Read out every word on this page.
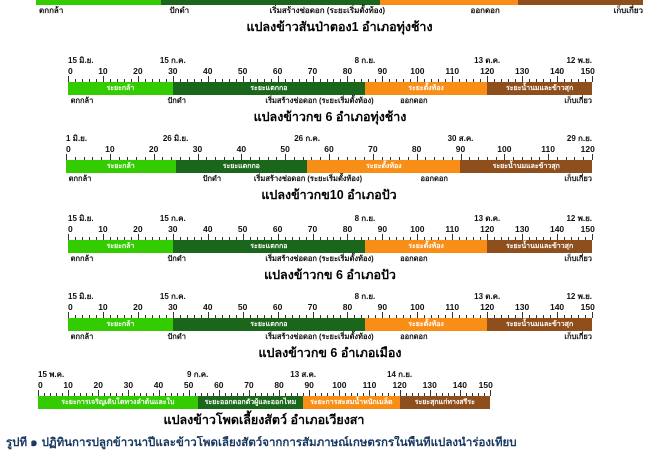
ตกกล้า	ปักดำ	เริ่มสร้างช่อดอก (ระยะเริ่มตั้งท้อง)	ออกดอก	เก็บเกี่ยว
แปลงข้าวสันป่าตอง1 อำเภอทุ่งช้าง
15 มิ.ย.	15 ก.ค.	8 ก.ย.	13 ต.ค.	12 พ.ย.
0	10	20	30	40	50	60	70	80	90	100 110 120 130 140 150
ระยะกล้า	ระยะแตกกอ	ระยะตั้งท้อง	ระยะน้ำนมและข้าวสุก
ตกกล้า	ปักดำ	เริ่มสร้างช่อดอก (ระยะเริ่มตั้งท้อง)	ออกดอก	เก็บเกี่ยว
แปลงข้าวกข 6 อำเภอทุ่งช้าง
1 มิ.ย.	26 มิ.ย.	26 ก.ค.	30 ส.ค.	29 ก.ย.
0	10	20	30	40	50	60	70	80	90	100	110	120
ระยะกล้า	ระยะแตกกอ	ระยะตั้งท้อง	ระยะน้ำนมและข้าวสุก
ตกกล้า	ปักดำ	เริ่มสร้างช่อดอก (ระยะเริ่มตั้งท้อง)	ออกดอก	เก็บเกี่ยว
แปลงข้าวกข10 อำเภอปัว
15 มิ.ย.	15 ก.ค.	8 ก.ย.	13 ต.ค.	12 พ.ย.
0	10	20	30	40	50	60	70	80	90	100 110 120 130 140 150
ระยะกล้า	ระยะแตกกอ	ระยะตั้งท้อง	ระยะน้ำนมและข้าวสุก
ตกกล้า	ปักดำ	เริ่มสร้างช่อดอก (ระยะเริ่มตั้งท้อง)	ออกดอก	เก็บเกี่ยว
แปลงข้าวกข 6 อำเภอปัว
15 มิ.ย.	15 ก.ค.	8 ก.ย.	13 ต.ค.	12 พ.ย.
0	10	20	30	40	50	60	70	80	90	100 110 120 130 140 150
ระยะกล้า	ระยะแตกกอ	ระยะตั้งท้อง	ระยะน้ำนมและข้าวสุก
ตกกล้า	ปักดำ	เริ่มสร้างช่อดอก (ระยะเริ่มตั้งท้อง)	ออกดอก	เก็บเกี่ยว
แปลงข้าวกข 6 อำเภอเมือง
15 พ.ค.	9 ก.ค.	13 ส.ค.	14 ก.ย.
0 10 20 30 40 50 60 70 80 90 100 110 120 130 140 150
ระยะการเจริญเติบโตทางลำต้นและใบ	ระยะออกดอกตัวผู้และออกไหม	ระยะการสะสมน้ำหนักเมล็ด	ระยะสุกแก่ทางสรีระ
แปลงข้าวโพดเลี้ยงสัตว์ อำเภอเวียงสา
รูปที่ ๑ ปฏิทินการปลูกข้าวนาปีและข้าวโพดเลี้ยงสัตว์จากการสัมภาษณ์เกษตรกรในพื้นที่แปลงนำร่องเทียบ
